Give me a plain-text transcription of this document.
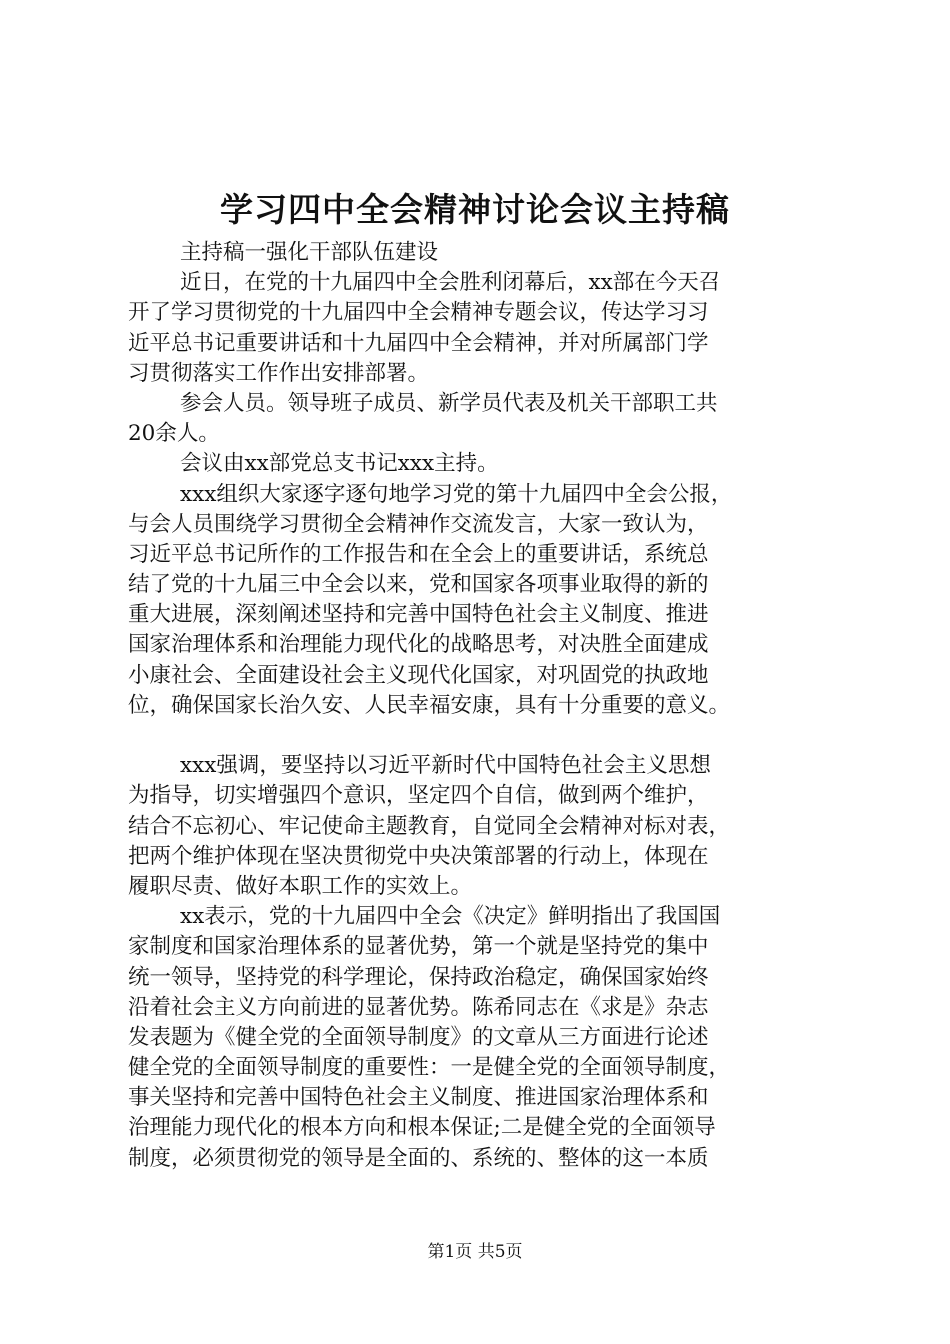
学习四中全会精神讨论会议主持稿
主持稿一强化干部队伍建设
近日，在党的十九届四中全会胜利闭幕后，xx部在今天召
开了学习贯彻党的十九届四中全会精神专题会议，传达学习习
近平总书记重要讲话和十九届四中全会精神，并对所属部门学
习贯彻落实工作作出安排部署。
参会人员。领导班子成员、新学员代表及机关干部职工共
20余人。
会议由xx部党总支书记xxx主持。
xxx组织大家逐字逐句地学习党的第十九届四中全会公报，
与会人员围绕学习贯彻全会精神作交流发言，大家一致认为，
习近平总书记所作的工作报告和在全会上的重要讲话，系统总
结了党的十九届三中全会以来，党和国家各项事业取得的新的
重大进展，深刻阐述坚持和完善中国特色社会主义制度、推进
国家治理体系和治理能力现代化的战略思考，对决胜全面建成
小康社会、全面建设社会主义现代化国家，对巩固党的执政地
位，确保国家长治久安、人民幸福安康，具有十分重要的意义。
xxx强调，要坚持以习近平新时代中国特色社会主义思想
为指导，切实增强四个意识，坚定四个自信，做到两个维护，
结合不忘初心、牢记使命主题教育，自觉同全会精神对标对表，
把两个维护体现在坚决贯彻党中央决策部署的行动上，体现在
履职尽责、做好本职工作的实效上。
xx表示，党的十九届四中全会《决定》鲜明指出了我国国
家制度和国家治理体系的显著优势，第一个就是坚持党的集中
统一领导，坚持党的科学理论，保持政治稳定，确保国家始终
沿着社会主义方向前进的显著优势。陈希同志在《求是》杂志
发表题为《健全党的全面领导制度》的文章从三方面进行论述
健全党的全面领导制度的重要性：一是健全党的全面领导制度，
事关坚持和完善中国特色社会主义制度、推进国家治理体系和
治理能力现代化的根本方向和根本保证;二是健全党的全面领导
制度，必须贯彻党的领导是全面的、系统的、整体的这一本质
第1页 共5页
